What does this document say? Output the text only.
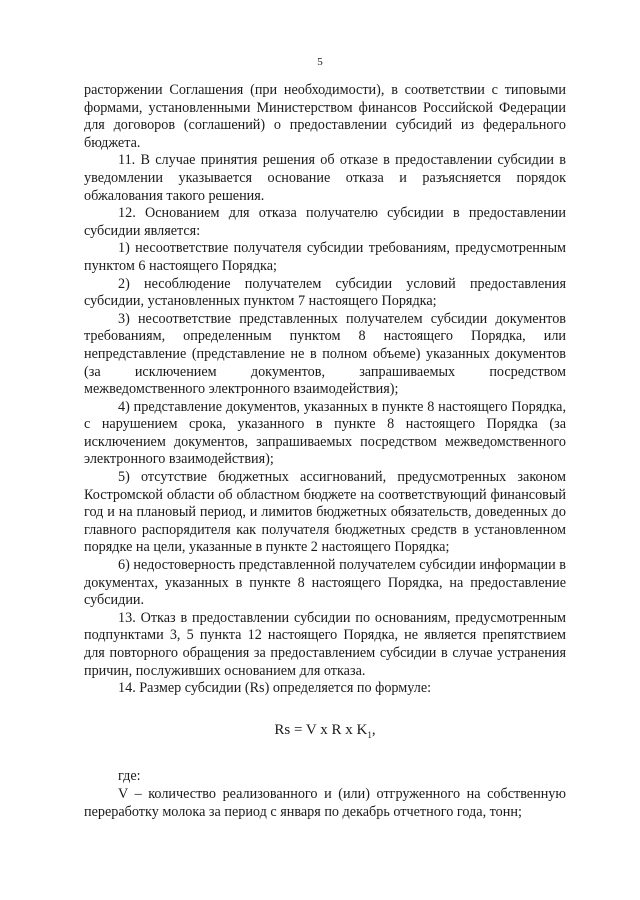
5

расторжении Соглашения (при необходимости), в соответствии с типовыми формами, установленными Министерством финансов Российской Федерации для договоров (соглашений) о предоставлении субсидий из федерального бюджета.

11. В случае принятия решения об отказе в предоставлении субсидии в уведомлении указывается основание отказа и разъясняется порядок обжалования такого решения.

12. Основанием для отказа получателю субсидии в предоставлении субсидии является:

1) несоответствие получателя субсидии требованиям, предусмотренным пунктом 6 настоящего Порядка;

2) несоблюдение получателем субсидии условий предоставления субсидии, установленных пунктом 7 настоящего Порядка;

3) несоответствие представленных получателем субсидии документов требованиям, определенным пунктом 8 настоящего Порядка, или непредставление (представление не в полном объеме) указанных документов (за исключением документов, запрашиваемых посредством межведомственного электронного взаимодействия);

4) представление документов, указанных в пункте 8 настоящего Порядка, с нарушением срока, указанного в пункте 8 настоящего Порядка (за исключением документов, запрашиваемых посредством межведомственного электронного взаимодействия);

5) отсутствие бюджетных ассигнований, предусмотренных законом Костромской области об областном бюджете на соответствующий финансовый год и на плановый период, и лимитов бюджетных обязательств, доведенных до главного распорядителя как получателя бюджетных средств в установленном порядке на цели, указанные в пункте 2 настоящего Порядка;

6) недостоверность представленной получателем субсидии информации в документах, указанных в пункте 8 настоящего Порядка, на предоставление субсидии.

13. Отказ в предоставлении субсидии по основаниям, предусмотренным подпунктами 3, 5 пункта 12 настоящего Порядка, не является препятствием для повторного обращения за предоставлением субсидии в случае устранения причин, послуживших основанием для отказа.

14. Размер субсидии (Rs) определяется по формуле:

Rs = V x R x $K_1$,

где:

V – количество реализованного и (или) отгруженного на собственную переработку молока за период с января по декабрь отчетного года, тонн;
